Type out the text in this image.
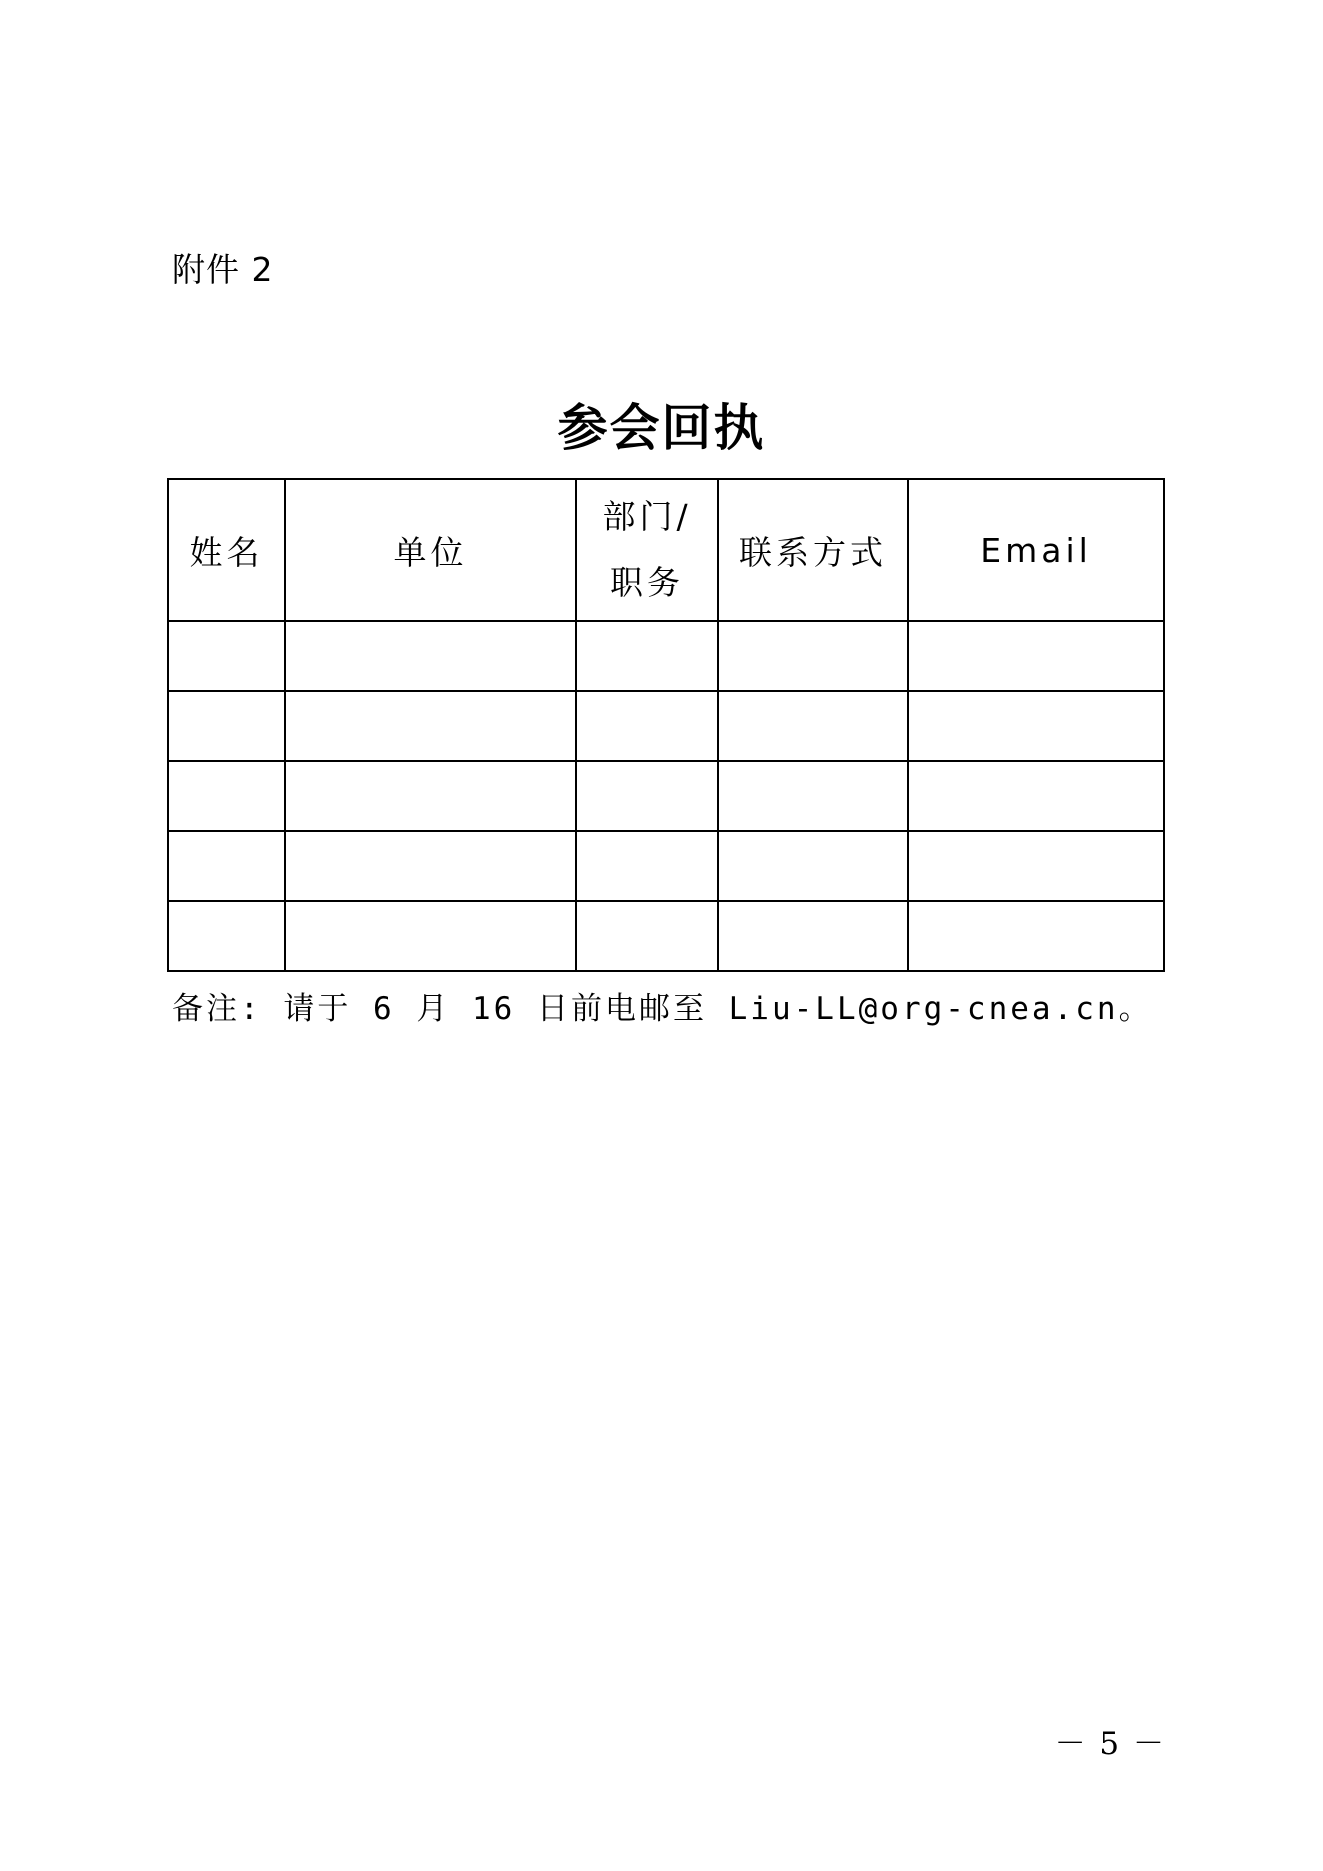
附件 2
参会回执
姓名	单位	部门/职务	联系方式	Email

备注: 请于 6 月 16 日前电邮至 Liu-LL@org-cnea.cn。
－ 5 －
